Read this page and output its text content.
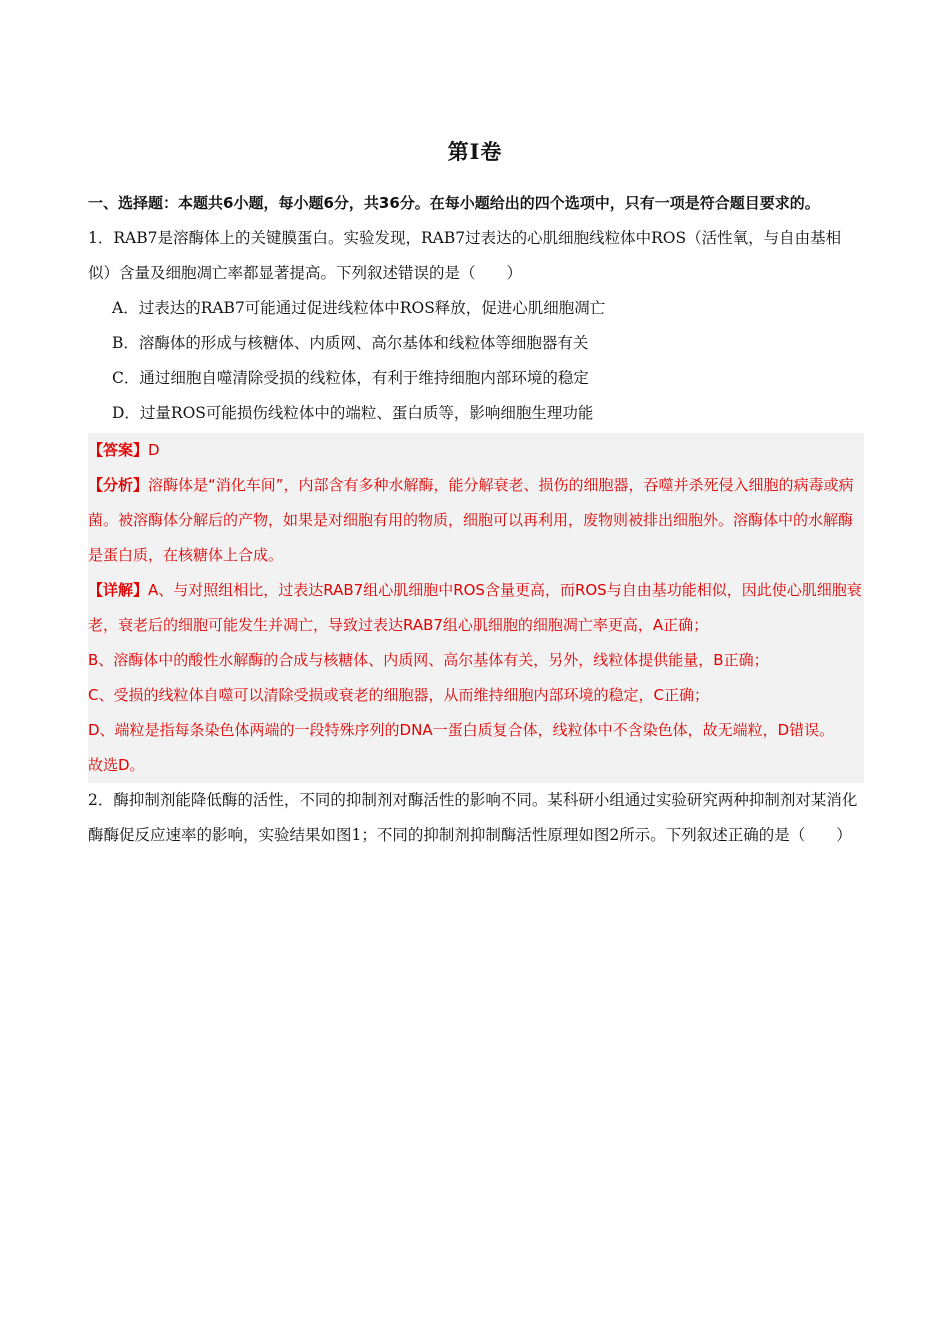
第Ⅰ卷
一、选择题：本题共6小题，每小题6分，共36分。在每小题给出的四个选项中，只有一项是符合题目要求的。

1．RAB7是溶酶体上的关键膜蛋白。实验发现，RAB7过表达的心肌细胞线粒体中ROS（活性氧，与自由基相似）含量及细胞凋亡率都显著提高。下列叙述错误的是（　　）

A．过表达的RAB7可能通过促进线粒体中ROS释放，促进心肌细胞凋亡
B．溶酶体的形成与核糖体、内质网、高尔基体和线粒体等细胞器有关
C．通过细胞自噬清除受损的线粒体，有利于维持细胞内部环境的稳定
D．过量ROS可能损伤线粒体中的端粒、蛋白质等，影响细胞生理功能

【答案】D

【分析】溶酶体是“消化车间”，内部含有多种水解酶，能分解衰老、损伤的细胞器，吞噬并杀死侵入细胞的病毒或病菌。被溶酶体分解后的产物，如果是对细胞有用的物质，细胞可以再利用，废物则被排出细胞外。溶酶体中的水解酶是蛋白质，在核糖体上合成。

【详解】A、与对照组相比，过表达RAB7组心肌细胞中ROS含量更高，而ROS与自由基功能相似，因此使心肌细胞衰老，衰老后的细胞可能发生并凋亡，导致过表达RAB7组心肌细胞的细胞凋亡率更高，A正确；

B、溶酶体中的酸性水解酶的合成与核糖体、内质网、高尔基体有关，另外，线粒体提供能量，B正确；

C、受损的线粒体自噬可以清除受损或衰老的细胞器，从而维持细胞内部环境的稳定，C正确；

D、端粒是指每条染色体两端的一段特殊序列的DNA一蛋白质复合体，线粒体中不含染色体，故无端粒，D错误。

故选D。

2．酶抑制剂能降低酶的活性，不同的抑制剂对酶活性的影响不同。某科研小组通过实验研究两种抑制剂对某消化酶酶促反应速率的影响，实验结果如图1；不同的抑制剂抑制酶活性原理如图2所示。下列叙述正确的是（　　）
